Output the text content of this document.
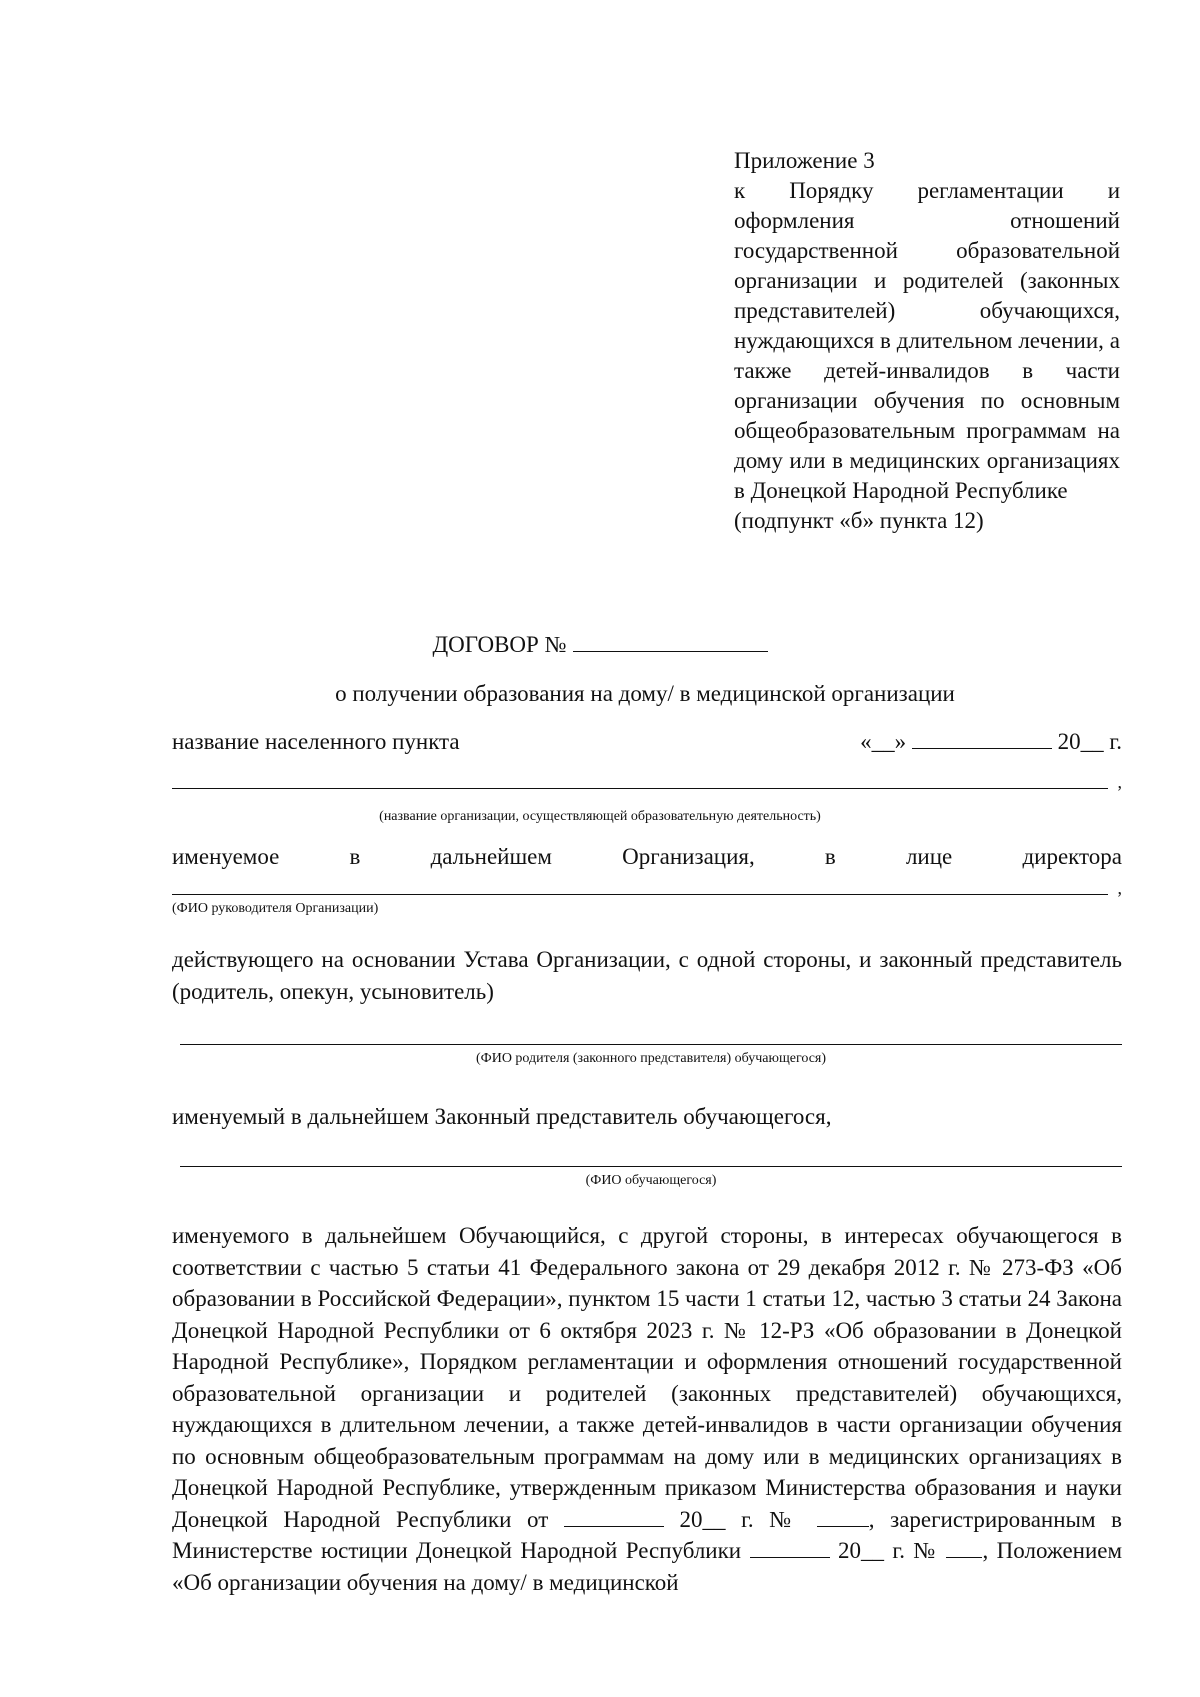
Приложение 3

к Порядку регламентации и оформления отношений государственной образовательной организации и родителей (законных представителей) обучающихся, нуждающихся в длительном лечении, а также детей-инвалидов в части организации обучения по основным общеобразовательным программам на дому или в медицинских организациях в Донецкой Народной Республике

(подпункт «б» пункта 12)

ДОГОВОР №
о получении образования на дому/ в медицинской организации
название населенного пункта	«__»	20__ г.
,
(название организации, осуществляющей образовательную деятельность)
именуемое	в	дальнейшем	Организация,	в	лице	директора
,
(ФИО руководителя Организации)

действующего на основании Устава Организации, с одной стороны, и законный представитель (родитель, опекун, усыновитель)

(ФИО родителя (законного представителя) обучающегося)

именуемый в дальнейшем Законный представитель обучающегося,

(ФИО обучающегося)

именуемого в дальнейшем Обучающийся, с другой стороны, в интересах обучающегося в соответствии с частью 5 статьи 41 Федерального закона от 29 декабря 2012 г. № 273-ФЗ «Об образовании в Российской Федерации», пунктом 15 части 1 статьи 12, частью 3 статьи 24 Закона Донецкой Народной Республики от 6 октября 2023 г. № 12-РЗ «Об образовании в Донецкой Народной Республике», Порядком регламентации и оформления отношений государственной образовательной организации и родителей (законных представителей) обучающихся, нуждающихся в длительном лечении, а также детей-инвалидов в части организации обучения по основным общеобразовательным программам на дому или в медицинских организациях в Донецкой Народной Республике, утвержденным приказом Министерства образования и науки Донецкой Народной Республики от	20__ г. №	, зарегистрированным в Министерстве юстиции Донецкой Народной Республики	20__ г. № , Положением «Об организации обучения на дому/ в медицинской
